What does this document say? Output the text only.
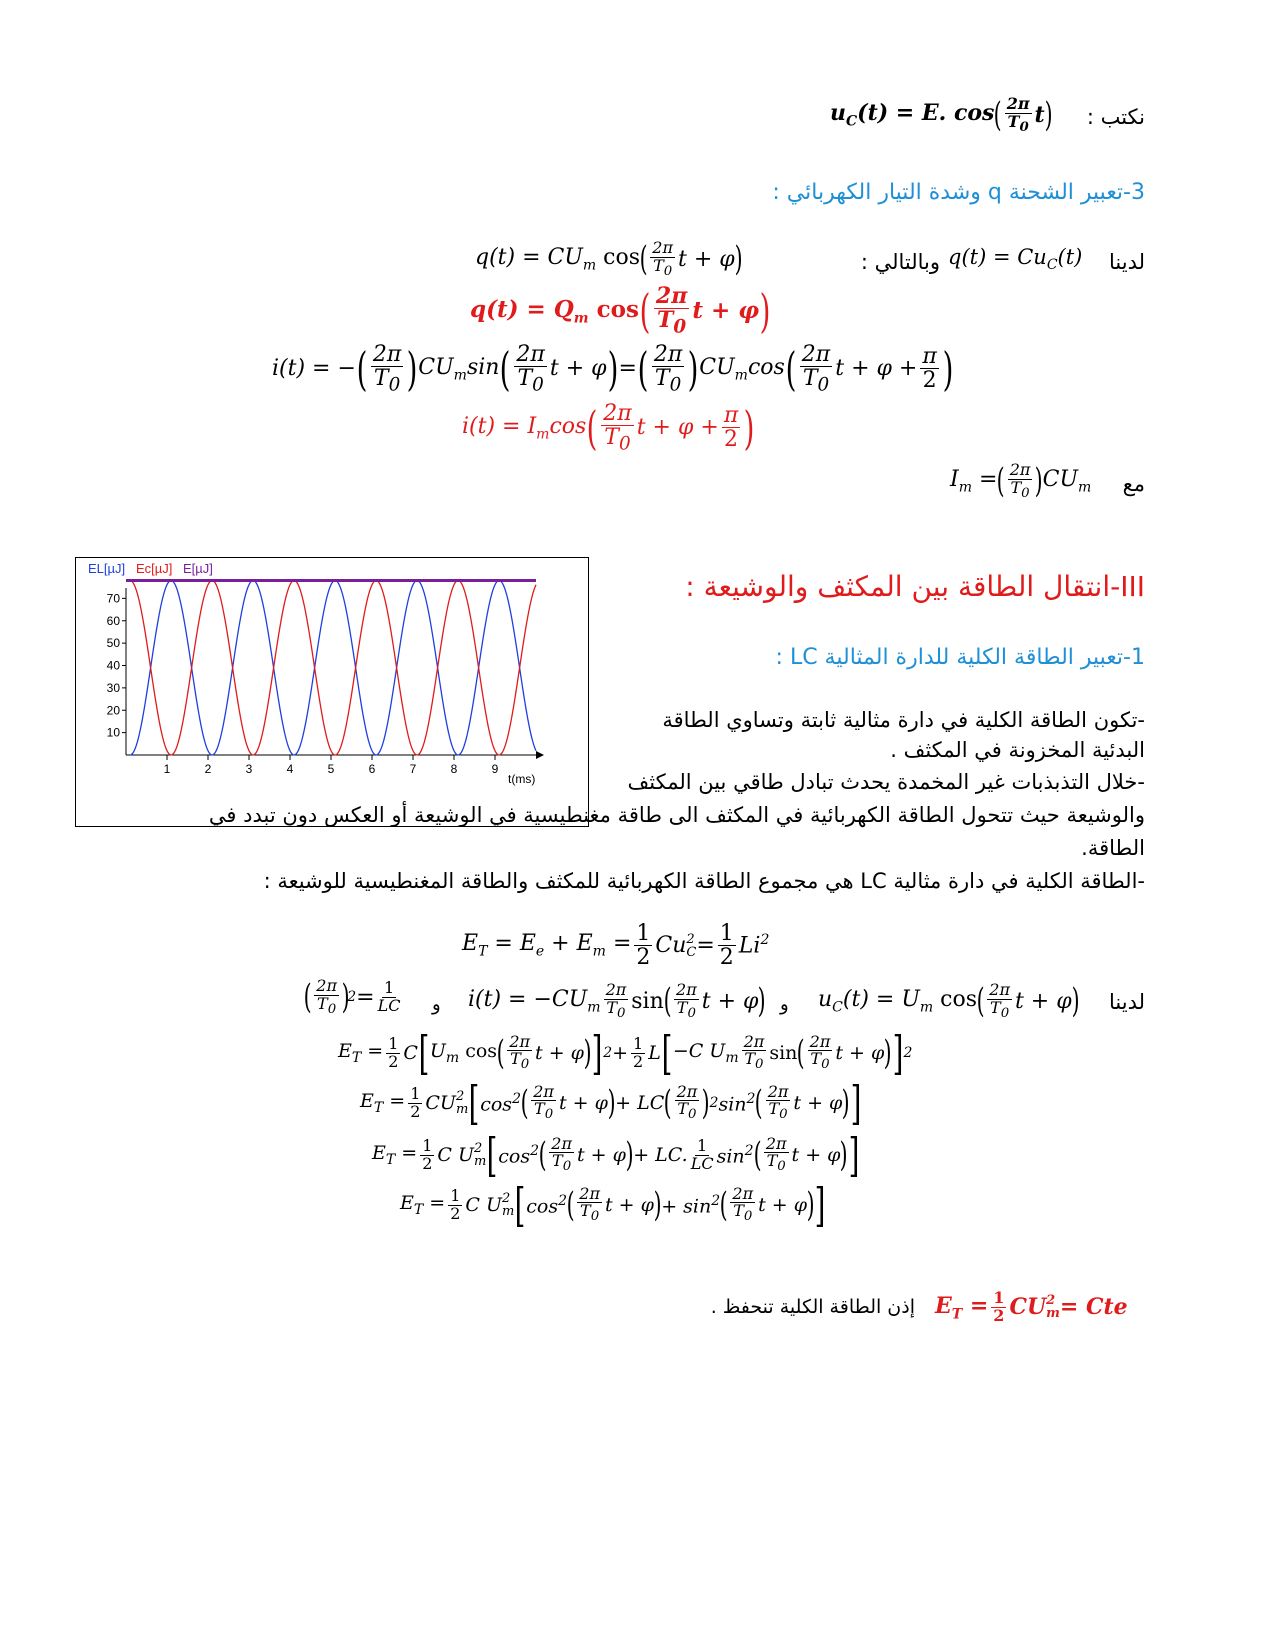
نكتب :
$u_C(t) = E$. cos ( $\frac{2\pi}{T_0}$ t )
3-تعبير الشحنة q وشدة التيار الكهربائي :
لدينا
$q(t) = Cu_C(t)$
وبالتالي :
$q(t) = CU_m$ cos ( $\frac{2\pi}{T_0}$ t + φ )
$q(t) = Q_m$ cos ( $\frac{2\pi}{T_0}$ t + φ )
i(t) = − ( $\frac{2\pi}{T_0}$ ) $CU_m\sin$ ( $\frac{2\pi}{T_0}$ t + φ ) = ( $\frac{2\pi}{T_0}$ ) $CU_m\cos$ ( $\frac{2\pi}{T_0}$ $t + \varphi + \frac{\pi}{2}$ )
$i(t) = I_m\cos$ ( $\frac{2\pi}{T_0}$ $t + \varphi + \frac{\pi}{2}$ )
مع
$I_m$ = ( $\frac{2\pi}{T_0}$ ) $CU_m$
EL[µJ] Ec[µJ] E[µJ]
1	2	3	4	5	6	7	8	9
10
20
30
40
50
60
70
t(ms)
III-انتقال الطاقة بين المكثف والوشيعة :
1-تعبير الطاقة الكلية للدارة المثالية LC :
-تكون الطاقة الكلية في دارة مثالية ثابتة وتساوي الطاقة
البدئية المخزونة في المكثف .
-خلال التذبذبات غير المخمدة يحدث تبادل طاقي بين المكثف
والوشيعة حيث تتحول الطاقة الكهربائية في المكثف الى طاقة مغنطيسية في الوشيعة أو العكس دون تبدد في
الطاقة.
-الطاقة الكلية في دارة مثالية LC هي مجموع الطاقة الكهربائية للمكثف والطاقة المغنطيسية للوشيعة :
$E_T = E_e + E_m = \frac{1}{2}$ Cu 2
$C = \frac{1}{2} Li^2$
لدينا
$u_C(t) = U_m$ cos ( $\frac{2\pi}{T_0}$ t + φ )
و
$i(t) = -CU_m \frac{2\pi}{T_0}$ sin ( $\frac{2\pi}{T_0}$ t + φ )
و
( $\frac{2\pi}{T_0}$ )
$2 = \frac{1}{LC}$
$E_T = \frac{1}{2}$ C [ $U_m$ cos ( $\frac{2\pi}{T_0}$ t + φ ) ] $2 + \frac{1}{2}$ L [ −C $U_m \frac{2\pi}{T_0}$ sin ( $\frac{2\pi}{T_0}$ t + φ ) ] 2
$E_T = \frac{1}{2}$ CU 2
m [ $\cos^2$ ( $\frac{2\pi}{T_0}$ t + φ ) + LC ( $\frac{2\pi}{T_0}$ ) 2 $\sin^2$ ( $\frac{2\pi}{T_0}$ t + φ ) ]
$E_T = \frac{1}{2}$ C U 2
m [ $\cos^2$ ( $\frac{2\pi}{T_0}$ t + φ ) + LC. $\frac{1}{LC} \sin^2$ ( $\frac{2\pi}{T_0}$ t + φ ) ]
$E_T = \frac{1}{2}$ C U 2
m [ $\cos^2$ ( $\frac{2\pi}{T_0}$ t + φ ) + $\sin^2$ ( $\frac{2\pi}{T_0}$ t + φ ) ]
$E_T = \frac{1}{2}$ CU 2
m = Cte
إذن الطاقة الكلية تنحفظ .
